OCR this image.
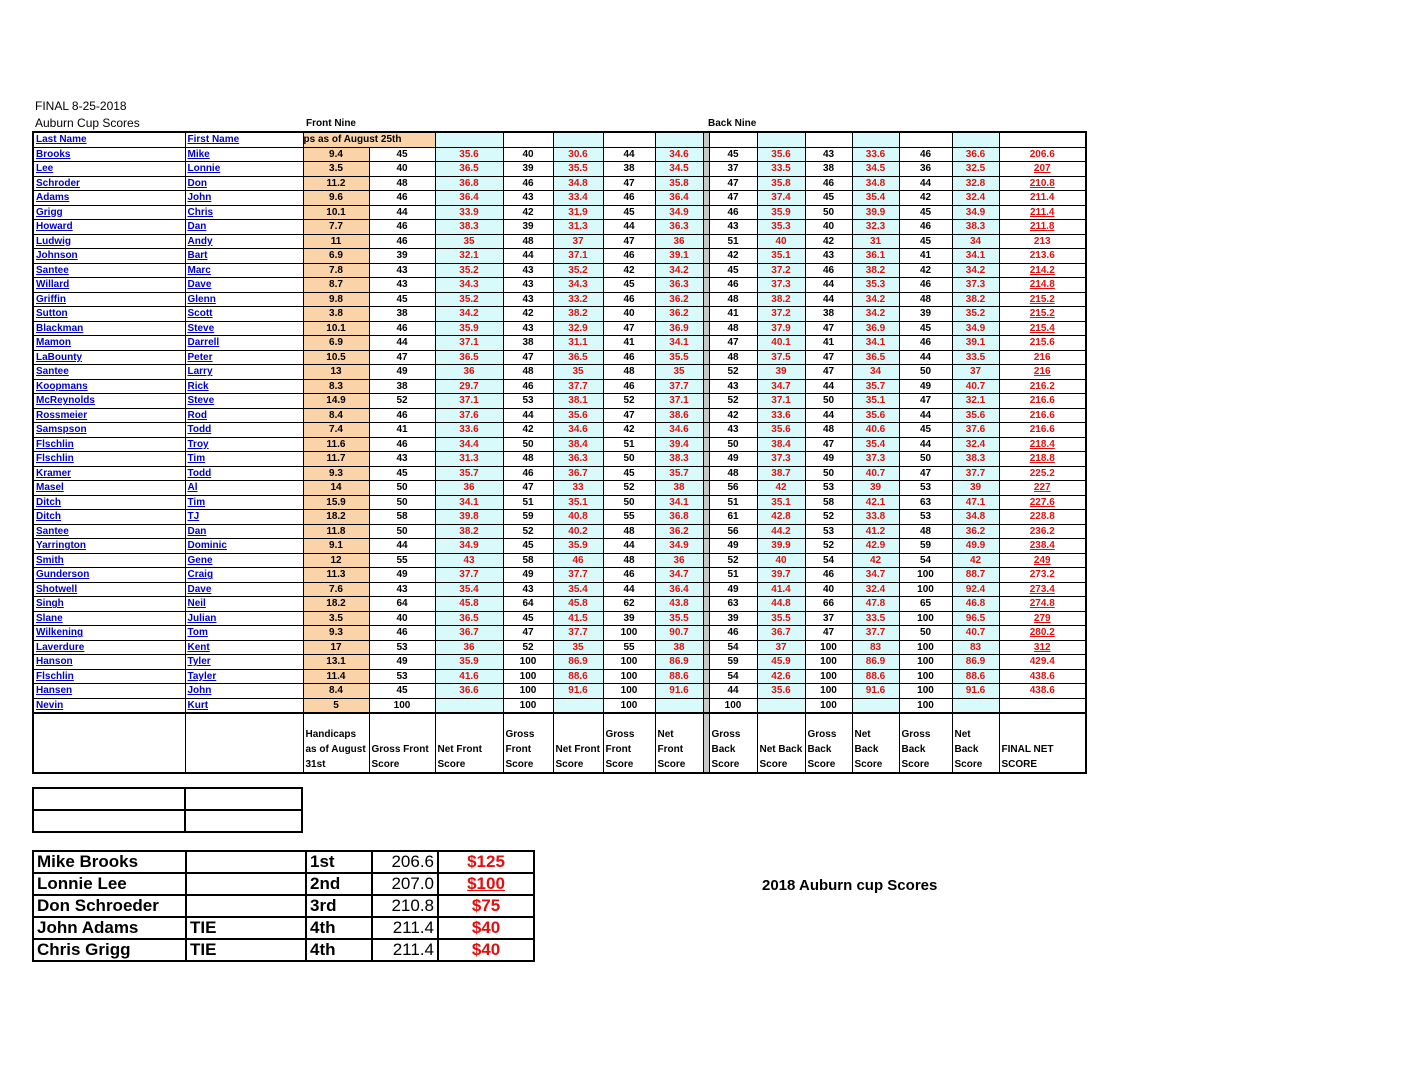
FINAL 8-25-2018
Auburn Cup Scores	Front Nine	Back Nine
Last Name	First Name	ps as of August 25th														
Brooks	Mike	9.4	45	35.6	40	30.6	44	34.6		45	35.6	43	33.6	46	36.6	206.6
Lee	Lonnie	3.5	40	36.5	39	35.5	38	34.5		37	33.5	38	34.5	36	32.5	207
Schroder	Don	11.2	48	36.8	46	34.8	47	35.8		47	35.8	46	34.8	44	32.8	210.8
Adams	John	9.6	46	36.4	43	33.4	46	36.4		47	37.4	45	35.4	42	32.4	211.4
Grigg	Chris	10.1	44	33.9	42	31.9	45	34.9		46	35.9	50	39.9	45	34.9	211.4
Howard	Dan	7.7	46	38.3	39	31.3	44	36.3		43	35.3	40	32.3	46	38.3	211.8
Ludwig	Andy	11	46	35	48	37	47	36		51	40	42	31	45	34	213
Johnson	Bart	6.9	39	32.1	44	37.1	46	39.1		42	35.1	43	36.1	41	34.1	213.6
Santee	Marc	7.8	43	35.2	43	35.2	42	34.2		45	37.2	46	38.2	42	34.2	214.2
Willard	Dave	8.7	43	34.3	43	34.3	45	36.3		46	37.3	44	35.3	46	37.3	214.8
Griffin	Glenn	9.8	45	35.2	43	33.2	46	36.2		48	38.2	44	34.2	48	38.2	215.2
Sutton	Scott	3.8	38	34.2	42	38.2	40	36.2		41	37.2	38	34.2	39	35.2	215.2
Blackman	Steve	10.1	46	35.9	43	32.9	47	36.9		48	37.9	47	36.9	45	34.9	215.4
Mamon	Darrell	6.9	44	37.1	38	31.1	41	34.1		47	40.1	41	34.1	46	39.1	215.6
LaBounty	Peter	10.5	47	36.5	47	36.5	46	35.5		48	37.5	47	36.5	44	33.5	216
Santee	Larry	13	49	36	48	35	48	35		52	39	47	34	50	37	216
Koopmans	Rick	8.3	38	29.7	46	37.7	46	37.7		43	34.7	44	35.7	49	40.7	216.2
McReynolds	Steve	14.9	52	37.1	53	38.1	52	37.1		52	37.1	50	35.1	47	32.1	216.6
Rossmeier	Rod	8.4	46	37.6	44	35.6	47	38.6		42	33.6	44	35.6	44	35.6	216.6
Samspson	Todd	7.4	41	33.6	42	34.6	42	34.6		43	35.6	48	40.6	45	37.6	216.6
Flschlin	Troy	11.6	46	34.4	50	38.4	51	39.4		50	38.4	47	35.4	44	32.4	218.4
Flschlin	Tim	11.7	43	31.3	48	36.3	50	38.3		49	37.3	49	37.3	50	38.3	218.8
Kramer	Todd	9.3	45	35.7	46	36.7	45	35.7		48	38.7	50	40.7	47	37.7	225.2
Masel	Al	14	50	36	47	33	52	38		56	42	53	39	53	39	227
Ditch	Tim	15.9	50	34.1	51	35.1	50	34.1		51	35.1	58	42.1	63	47.1	227.6
Ditch	TJ	18.2	58	39.8	59	40.8	55	36.8		61	42.8	52	33.8	53	34.8	228.8
Santee	Dan	11.8	50	38.2	52	40.2	48	36.2		56	44.2	53	41.2	48	36.2	236.2
Yarrington	Dominic	9.1	44	34.9	45	35.9	44	34.9		49	39.9	52	42.9	59	49.9	238.4
Smith	Gene	12	55	43	58	46	48	36		52	40	54	42	54	42	249
Gunderson	Craig	11.3	49	37.7	49	37.7	46	34.7		51	39.7	46	34.7	100	88.7	273.2
Shotwell	Dave	7.6	43	35.4	43	35.4	44	36.4		49	41.4	40	32.4	100	92.4	273.4
Singh	Neil	18.2	64	45.8	64	45.8	62	43.8		63	44.8	66	47.8	65	46.8	274.8
Slane	Julian	3.5	40	36.5	45	41.5	39	35.5		39	35.5	37	33.5	100	96.5	279
Wilkening	Tom	9.3	46	36.7	47	37.7	100	90.7		46	36.7	47	37.7	50	40.7	280.2
Laverdure	Kent	17	53	36	52	35	55	38		54	37	100	83	100	83	312
Hanson	Tyler	13.1	49	35.9	100	86.9	100	86.9		59	45.9	100	86.9	100	86.9	429.4
Flschlin	Tayler	11.4	53	41.6	100	88.6	100	88.6		54	42.6	100	88.6	100	88.6	438.6
Hansen	John	8.4	45	36.6	100	91.6	100	91.6		44	35.6	100	91.6	100	91.6	438.6
Nevin	Kurt	5	100		100		100			100		100		100		
		Handicaps as of August 31st	Gross Front Score	Net Front Score	Gross Front Score	Net Front Score	Gross Front Score	Net Front Score		Gross Back Score	Net Back Score	Gross Back Score	Net Back Score	Gross Back Score	Net Back Score	FINAL NET SCORE

Mike Brooks		1st	206.6	$125
Lonnie Lee		2nd	207.0	$100
Don Schroeder		3rd	210.8	$75
John Adams	TIE	4th	211.4	$40
Chris Grigg	TIE	4th	211.4	$40
2018 Auburn cup Scores
